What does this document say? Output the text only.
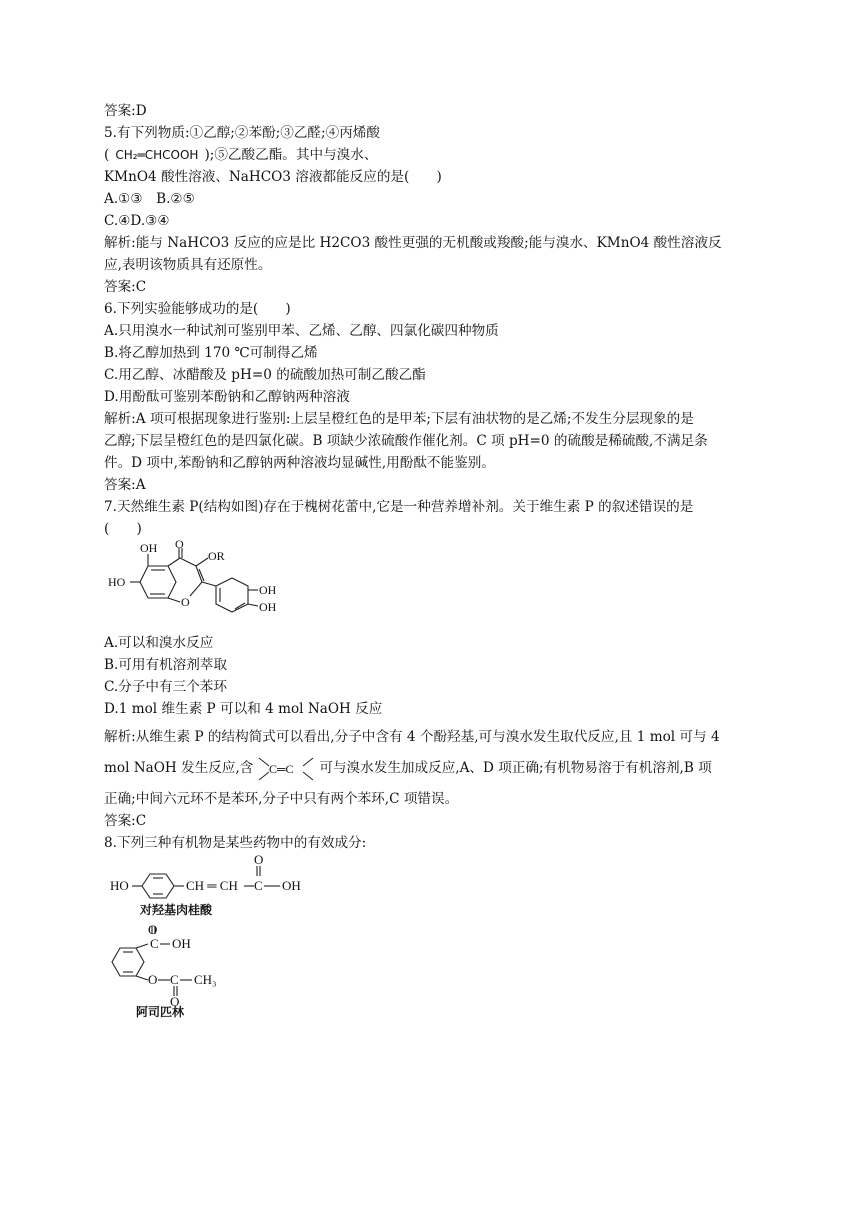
答案:D
5.有下列物质:①乙醇;②苯酚;③乙醛;④丙烯酸
( CH₂═CHCOOH );⑤乙酸乙酯。其中与溴水、
KMnO4 酸性溶液、NaHCO3 溶液都能反应的是(　　)
A.①③　B.②⑤
C.④D.③④
解析:能与 NaHCO3 反应的应是比 H2CO3 酸性更强的无机酸或羧酸;能与溴水、KMnO4 酸性溶液反
应,表明该物质具有还原性。
答案:C
6.下列实验能够成功的是(　　)
A.只用溴水一种试剂可鉴别甲苯、乙烯、乙醇、四氯化碳四种物质
B.将乙醇加热到 170 ℃可制得乙烯
C.用乙醇、冰醋酸及 pH=0 的硫酸加热可制乙酸乙酯
D.用酚酞可鉴别苯酚钠和乙醇钠两种溶液
解析:A 项可根据现象进行鉴别:上层呈橙红色的是甲苯;下层有油状物的是乙烯;不发生分层现象的是
乙醇;下层呈橙红色的是四氯化碳。B 项缺少浓硫酸作催化剂。C 项 pH=0 的硫酸是稀硫酸,不满足条
件。D 项中,苯酚钠和乙醇钠两种溶液均显碱性,用酚酞不能鉴别。
答案:A
7.天然维生素 P(结构如图)存在于槐树花蕾中,它是一种营养增补剂。关于维生素 P 的叙述错误的是
(　　)
OH O
OR
HO
O
OH
OH
A.可以和溴水反应
B.可用有机溶剂萃取
C.分子中有三个苯环
D.1 mol 维生素 P 可以和 4 mol NaOH 反应
解析:从维生素 P 的结构简式可以看出,分子中含有 4 个酚羟基,可与溴水发生取代反应,且 1 mol 可与 4
mol NaOH 发生反应,含 C═C 可与溴水发生加成反应,A、D 项正确;有机物易溶于有机溶剂,B 项
正确;中间六元环不是苯环,分子中只有两个苯环,C 项错误。
答案:C
8.下列三种有机物是某些药物中的有效成分:
HO	CH ═ CH
O
C OH
对羟基肉桂酸
O
C OH
O C CH₃
O
阿司匹林
